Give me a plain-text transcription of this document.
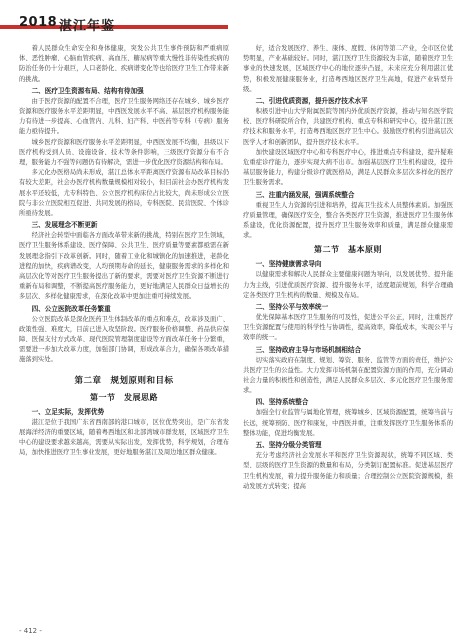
2018 湛江年鉴

着人民群众生命安全和身体健康，突发公共卫生事件预防和严重病原体、恶性肿瘤、心脑血管疾病、高血压、糖尿病等重大慢性非传染性疾病的防治任务仍十分艰巨，人口老龄化、疾病谱变化等也给医疗卫生工作带来新的挑战。

二、医疗卫生资源布局、结构有待加强

由于医疗资源的配置不合理，医疗卫生服务网络还存在城乡、城乡医疗资源和医疗服务水平差距明显，中西医发展水平不高、基层医疗机构服务能力有待进一步提高、心血管内、儿科、妇产科、中医药等专科（专病）服务能力亟待提升。

城乡医疗资源和医疗服务水平差距明显，中西医发展不均衡，县级以下医疗机构受到人员、设施设备、技术等条件影响，三级医疗资源分布不合理，服务能力不强等问题仍有待解决，需进一步优化医疗资源结构和布局。

多元化办医格局尚未形成，湛江总体水平距离医疗资源布局改革目标仍有较大差距，社会办医疗机构数量规模相对较小，但目前社会办医疗机构发展水平还较低，尤专科特色、公立医疗机构床位占比较大，尚未形成公立医院与非公立医院相互促进、共同发展的格局，专科医院、民营医院、个体诊所亟待发展。

三、发展理念不断更新

经济社会转型中面临各方面改革带来新的挑战，特别在医疗卫生领域，医疗卫生服务体系建设、医疗保障、公共卫生、医疗质量等要素都亟需在新发展理念指引下改革创新。同时，随着工业化和城镇化的加速推进，老龄化进程的加快，疾病谱改变，人均预期寿命的延长，健康服务需求的多样化和高层次化等对医疗卫生服务提出了新的要求，需要对医疗卫生资源不断进行重新布局和调整，不断提高医疗服务能力，更好地满足人民群众日益增长的多层次、多样化健康需求，在深化改革中更加注重可持续发展。

四、公立医院改革任务繁重

公立医院改革是深化医药卫生体制改革的重点和难点，改革涉及面广、政策性强、难度大，目前已进入攻坚阶段。医疗服务价格调整、药品供应保障、医保支付方式改革、现代医院管理制度建设等方面改革任务十分繁重，需要进一步加大改革力度，加强部门协调，形成改革合力，确保各项改革措施落到实处。

第二章　规划原则和目标
第一节　发展思路

一、立足实际，发挥优势

湛江是位于我国广东省西南部的港口城市，区位优势突出，是广东省发展海洋经济的重要区域，随着粤西地区和北部湾城市群发展，区域医疗卫生中心的建设要求越来越高，需要从实际出发，发挥优势，科学规划，合理布局，加快推进医疗卫生事业发展，更好地服务湛江及周边地区群众健康。

好，适合发展医疗、养生、康体、度假、休闲等第二产业，全市区位优势明显，产业基础较好。同时，湛江医疗卫生资源较为丰富，随着医疗卫生事业的快速发展，区域医疗中心的地位逐步凸显，未来应充分利用湛江优势，积极发展健康服务业，打造粤西地区医疗卫生高地，促进产业转型升级。

二、引进优质资源，提升医疗技术水平

积极引进中山大学附属医院等国内外优质医疗资源，推动与知名医学院校、医疗科研院所合作，共建医疗机构、重点专科和研究中心，提升湛江医疗技术和服务水平，打造粤西地区医疗卫生中心。鼓励医疗机构引进高层次医学人才和创新团队，提升医疗技术水平。

加快建设区域医疗中心和专科医疗中心，推进重点专科建设，提升疑难危重症诊疗能力，逐步实现大病不出市。加强基层医疗卫生机构建设，提升基层服务能力，构建分级诊疗就医格局，满足人民群众多层次多样化的医疗卫生服务需求。

三、注重内涵发展，强调系统整合

重视卫生人力资源的引进和培养，提高卫生技术人员整体素质。加强医疗质量管理，确保医疗安全，整合各类医疗卫生资源，推进医疗卫生服务体系建设，优化资源配置，提升医疗卫生服务效率和质量，满足群众健康需求。

第二节　基本原则

一、坚持健康需求导向

以健康需求和解决人民群众主要健康问题为导向，以发展优势、提升能力为主线，引进优质医疗资源、提升服务水平，适度超前规划，科学合理确定各类医疗卫生机构的数量、规模及布局。

二、坚持公平与效率统一

优先保障基本医疗卫生服务的可及性，促进公平公正，同时，注重医疗卫生资源配置与使用的科学性与协调性，提高效率，降低成本，实现公平与效率的统一。

三、坚持政府主导与市场机制相结合

切实落实政府在制度、规划、筹资、服务、监管等方面的责任，维护公共医疗卫生的公益性。大力发挥市场机制在配置资源方面的作用，充分调动社会力量的积极性和创造性，满足人民群众多层次、多元化医疗卫生服务需求。

四、坚持系统整合

加强全行业监管与属地化管理，统筹城乡、区域资源配置，统筹当前与长远，统筹预防、医疗和康复，中西医并重，注重发挥医疗卫生服务体系的整体功能，促进均衡发展。

五、坚持分级分类管理

充分考虑经济社会发展水平和医疗卫生资源现状，统筹不同区域、类型、层级的医疗卫生资源的数量和布局，分类制订配置标准。促进基层医疗卫生机构发展，着力提升服务能力和质量；合理控制公立医院资源规模，推动发展方式转变；提高

- 412 -
